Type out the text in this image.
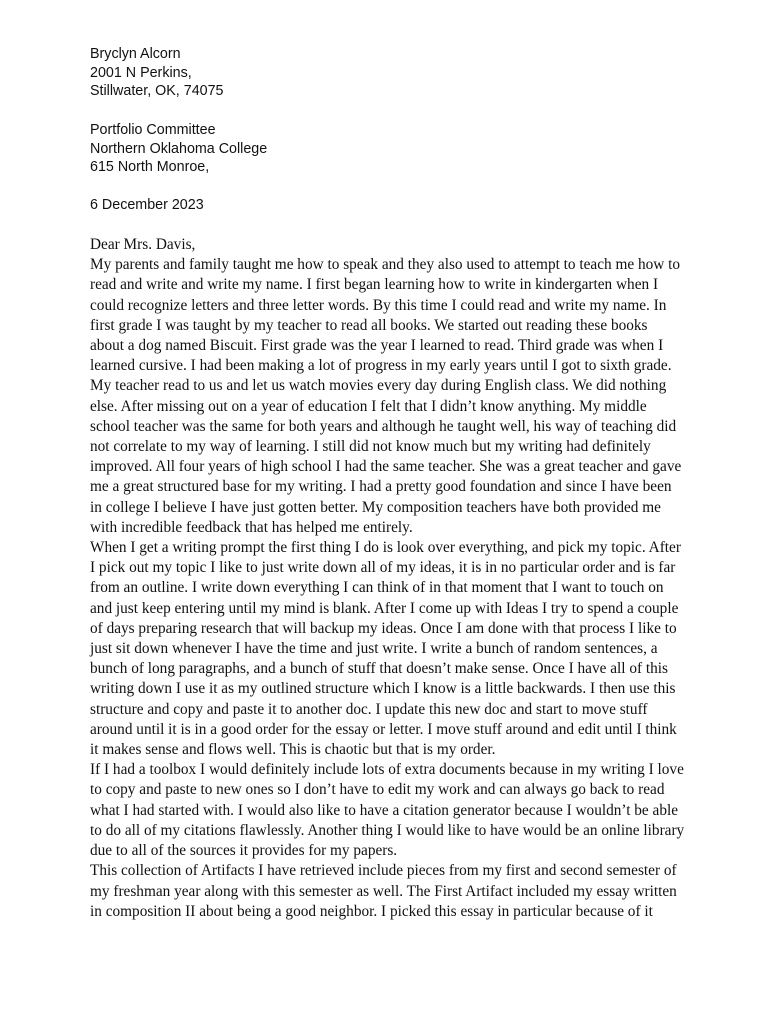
Bryclyn Alcorn
2001 N Perkins,
Stillwater, OK, 74075
Portfolio Committee
Northern Oklahoma College
615 North Monroe,
6 December 2023
Dear Mrs. Davis,
My parents and family taught me how to speak and they also used to attempt to teach me how to
read and write and write my name. I first began learning how to write in kindergarten when I
could recognize letters and three letter words. By this time I could read and write my name. In
first grade I was taught by my teacher to read all books. We started out reading these books
about a dog named Biscuit. First grade was the year I learned to read. Third grade was when I
learned cursive. I had been making a lot of progress in my early years until I got to sixth grade.
My teacher read to us and let us watch movies every day during English class. We did nothing
else. After missing out on a year of education I felt that I didn’t know anything. My middle
school teacher was the same for both years and although he taught well, his way of teaching did
not correlate to my way of learning. I still did not know much but my writing had definitely
improved. All four years of high school I had the same teacher. She was a great teacher and gave
me a great structured base for my writing. I had a pretty good foundation and since I have been
in college I believe I have just gotten better. My composition teachers have both provided me
with incredible feedback that has helped me entirely.
When I get a writing prompt the first thing I do is look over everything, and pick my topic. After
I pick out my topic I like to just write down all of my ideas, it is in no particular order and is far
from an outline. I write down everything I can think of in that moment that I want to touch on
and just keep entering until my mind is blank. After I come up with Ideas I try to spend a couple
of days preparing research that will backup my ideas. Once I am done with that process I like to
just sit down whenever I have the time and just write. I write a bunch of random sentences, a
bunch of long paragraphs, and a bunch of stuff that doesn’t make sense. Once I have all of this
writing down I use it as my outlined structure which I know is a little backwards. I then use this
structure and copy and paste it to another doc. I update this new doc and start to move stuff
around until it is in a good order for the essay or letter. I move stuff around and edit until I think
it makes sense and flows well. This is chaotic but that is my order.
If I had a toolbox I would definitely include lots of extra documents because in my writing I love
to copy and paste to new ones so I don’t have to edit my work and can always go back to read
what I had started with. I would also like to have a citation generator because I wouldn’t be able
to do all of my citations flawlessly. Another thing I would like to have would be an online library
due to all of the sources it provides for my papers.
This collection of Artifacts I have retrieved include pieces from my first and second semester of
my freshman year along with this semester as well. The First Artifact included my essay written
in composition II about being a good neighbor. I picked this essay in particular because of it
